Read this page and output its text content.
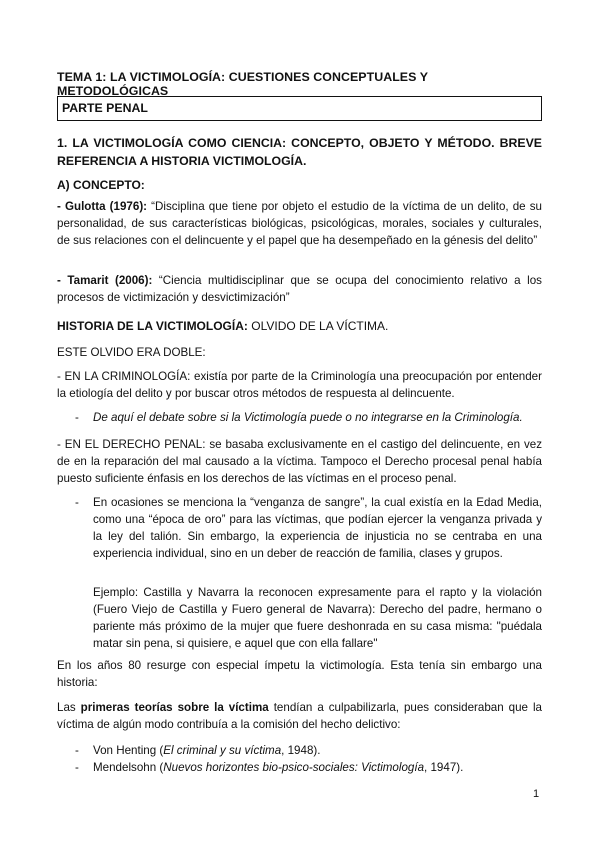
TEMA 1: LA VICTIMOLOGÍA: CUESTIONES CONCEPTUALES Y METODOLÓGICAS

PARTE PENAL

1. LA VICTIMOLOGÍA COMO CIENCIA: CONCEPTO, OBJETO Y MÉTODO. BREVE REFERENCIA A HISTORIA VICTIMOLOGÍA.

A) CONCEPTO:

- Gulotta (1976): “Disciplina que tiene por objeto el estudio de la víctima de un delito, de su personalidad, de sus características biológicas, psicológicas, morales, sociales y culturales, de sus relaciones con el delincuente y el papel que ha desempeñado en la génesis del delito”

- Tamarit (2006): “Ciencia multidisciplinar que se ocupa del conocimiento relativo a los procesos de victimización y desvictimización”

HISTORIA DE LA VICTIMOLOGÍA: OLVIDO DE LA VÍCTIMA.

ESTE OLVIDO ERA DOBLE:

- EN LA CRIMINOLOGÍA: existía por parte de la Criminología una preocupación por entender la etiología del delito y por buscar otros métodos de respuesta al delincuente.

- De aquí el debate sobre si la Victimología puede o no integrarse en la Criminología.

- EN EL DERECHO PENAL: se basaba exclusivamente en el castigo del delincuente, en vez de en la reparación del mal causado a la víctima. Tampoco el Derecho procesal penal había puesto suficiente énfasis en los derechos de las víctimas en el proceso penal.

- En ocasiones se menciona la “venganza de sangre”, la cual existía en la Edad Media, como una “época de oro” para las víctimas, que podían ejercer la venganza privada y la ley del talión. Sin embargo, la experiencia de injusticia no se centraba en una experiencia individual, sino en un deber de reacción de familia, clases y grupos.

Ejemplo: Castilla y Navarra la reconocen expresamente para el rapto y la violación (Fuero Viejo de Castilla y Fuero general de Navarra): Derecho del padre, hermano o pariente más próximo de la mujer que fuere deshonrada en su casa misma: "puédala matar sin pena, si quisiere, e aquel que con ella fallare"

En los años 80 resurge con especial ímpetu la victimología. Esta tenía sin embargo una historia:

Las primeras teorías sobre la víctima tendían a culpabilizarla, pues consideraban que la víctima de algún modo contribuía a la comisión del hecho delictivo:

- Von Henting (El criminal y su víctima, 1948).
- Mendelsohn (Nuevos horizontes bio-psico-sociales: Victimología, 1947).
1
